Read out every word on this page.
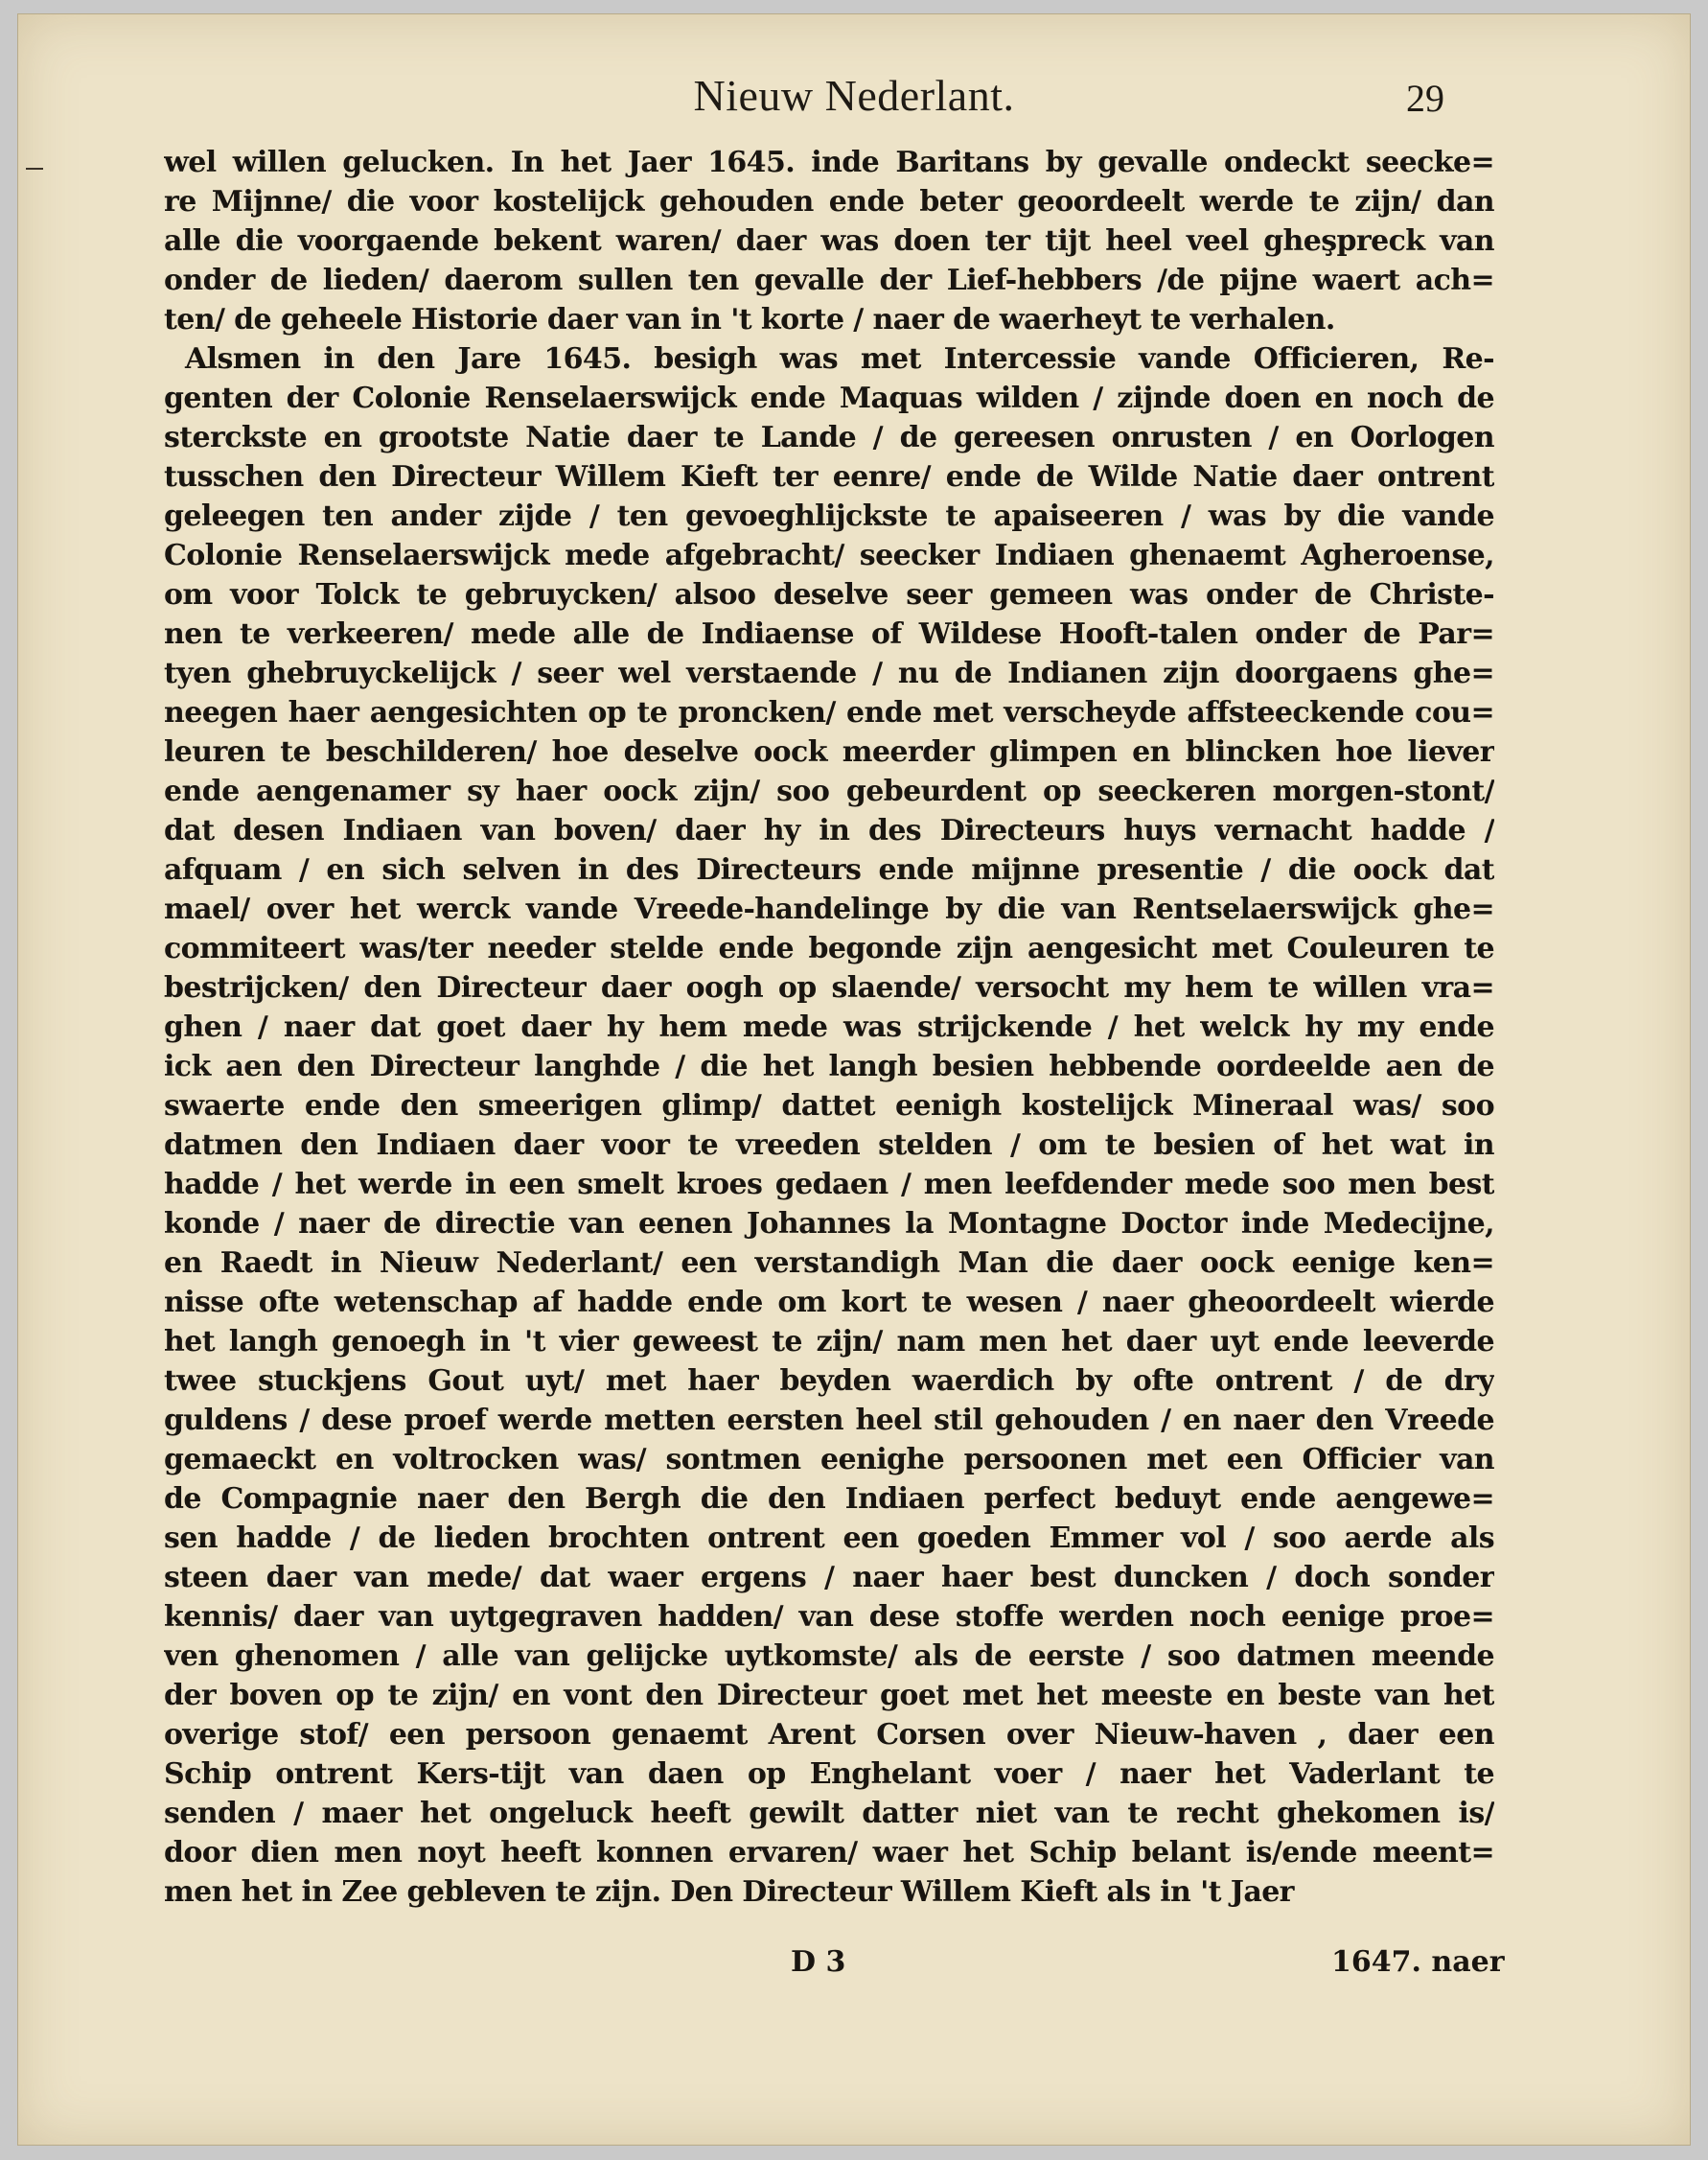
Nieuw Nederlant.	29
wel willen gelucken. In het Jaer 1645. inde Baritans by gevalle ondeckt seecke=
re Mijnne/ die voor kostelijck gehouden ende beter geoordeelt werde te zijn/ dan
alle die voorgaende bekent waren/ daer was doen ter tijt heel veel gheşpreck van
onder de lieden/ daerom sullen ten gevalle der Lief-hebbers /de pijne waert ach=
ten/ de geheele Historie daer van in 't korte / naer de waerheyt te verhalen.
Alsmen in den Jare 1645. besigh was met Intercessie vande Officieren, Re-
genten der Colonie Renselaerswijck ende Maquas wilden / zijnde doen en noch de
sterckste en grootste Natie daer te Lande / de gereesen onrusten / en Oorlogen
tusschen den Directeur Willem Kieft ter eenre/ ende de Wilde Natie daer ontrent
geleegen ten ander zijde / ten gevoeghlijckste te apaiseeren / was by die vande
Colonie Renselaerswijck mede afgebracht/ seecker Indiaen ghenaemt Agheroense,
om voor Tolck te gebruycken/ alsoo deselve seer gemeen was onder de Christe-
nen te verkeeren/ mede alle de Indiaense of Wildese Hooft-talen onder de Par=
tyen ghebruyckelijck / seer wel verstaende / nu de Indianen zijn doorgaens ghe=
neegen haer aengesichten op te proncken/ ende met verscheyde affsteeckende cou=
leuren te beschilderen/ hoe deselve oock meerder glimpen en blincken hoe liever
ende aengenamer sy haer oock zijn/ soo gebeurdent op seeckeren morgen-stont/
dat desen Indiaen van boven/ daer hy in des Directeurs huys vernacht hadde /
afquam / en sich selven in des Directeurs ende mijnne presentie / die oock dat
mael/ over het werck vande Vreede-handelinge by die van Rentselaerswijck ghe=
commiteert was/ter needer stelde ende begonde zijn aengesicht met Couleuren te
bestrijcken/ den Directeur daer oogh op slaende/ versocht my hem te willen vra=
ghen / naer dat goet daer hy hem mede was strijckende / het welck hy my ende
ick aen den Directeur langhde / die het langh besien hebbende oordeelde aen de
swaerte ende den smeerigen glimp/ dattet eenigh kostelijck Mineraal was/ soo
datmen den Indiaen daer voor te vreeden stelden / om te besien of het wat in
hadde / het werde in een smelt kroes gedaen / men leefdender mede soo men best
konde / naer de directie van eenen Johannes la Montagne Doctor inde Medecijne,
en Raedt in Nieuw Nederlant/ een verstandigh Man die daer oock eenige ken=
nisse ofte wetenschap af hadde ende om kort te wesen / naer gheoordeelt wierde
het langh genoegh in 't vier geweest te zijn/ nam men het daer uyt ende leeverde
twee stuckjens Gout uyt/ met haer beyden waerdich by ofte ontrent / de dry
guldens / dese proef werde metten eersten heel stil gehouden / en naer den Vreede
gemaeckt en voltrocken was/ sontmen eenighe persoonen met een Officier van
de Compagnie naer den Bergh die den Indiaen perfect beduyt ende aengewe=
sen hadde / de lieden brochten ontrent een goeden Emmer vol / soo aerde als
steen daer van mede/ dat waer ergens / naer haer best duncken / doch sonder
kennis/ daer van uytgegraven hadden/ van dese stoffe werden noch eenige proe=
ven ghenomen / alle van gelijcke uytkomste/ als de eerste / soo datmen meende
der boven op te zijn/ en vont den Directeur goet met het meeste en beste van het
overige stof/ een persoon genaemt Arent Corsen over Nieuw-haven , daer een
Schip ontrent Kers-tijt van daen op Enghelant voer / naer het Vaderlant te
senden / maer het ongeluck heeft gewilt datter niet van te recht ghekomen is/
door dien men noyt heeft konnen ervaren/ waer het Schip belant is/ende meent=
men het in Zee gebleven te zijn. Den Directeur Willem Kieft als in 't Jaer
D 3	1647. naer
